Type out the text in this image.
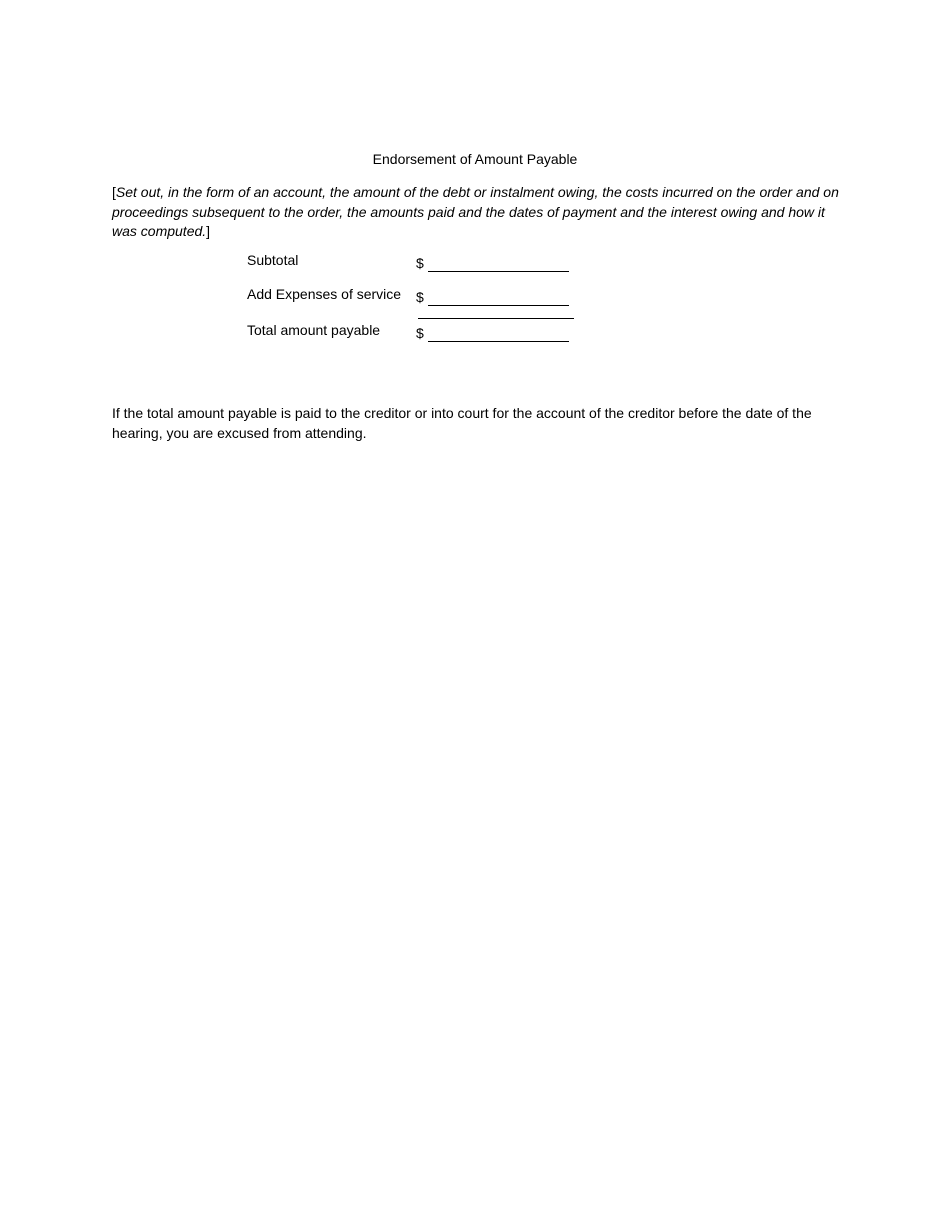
Endorsement of Amount Payable
[Set out, in the form of an account, the amount of the debt or instalment owing, the costs incurred on the order and on proceedings subsequent to the order, the amounts paid and the dates of payment and the interest owing and how it was computed.]
Subtotal	$
Add Expenses of service $
Total amount payable	$
If the total amount payable is paid to the creditor or into court for the account of the creditor before the date of the hearing, you are excused from attending.
